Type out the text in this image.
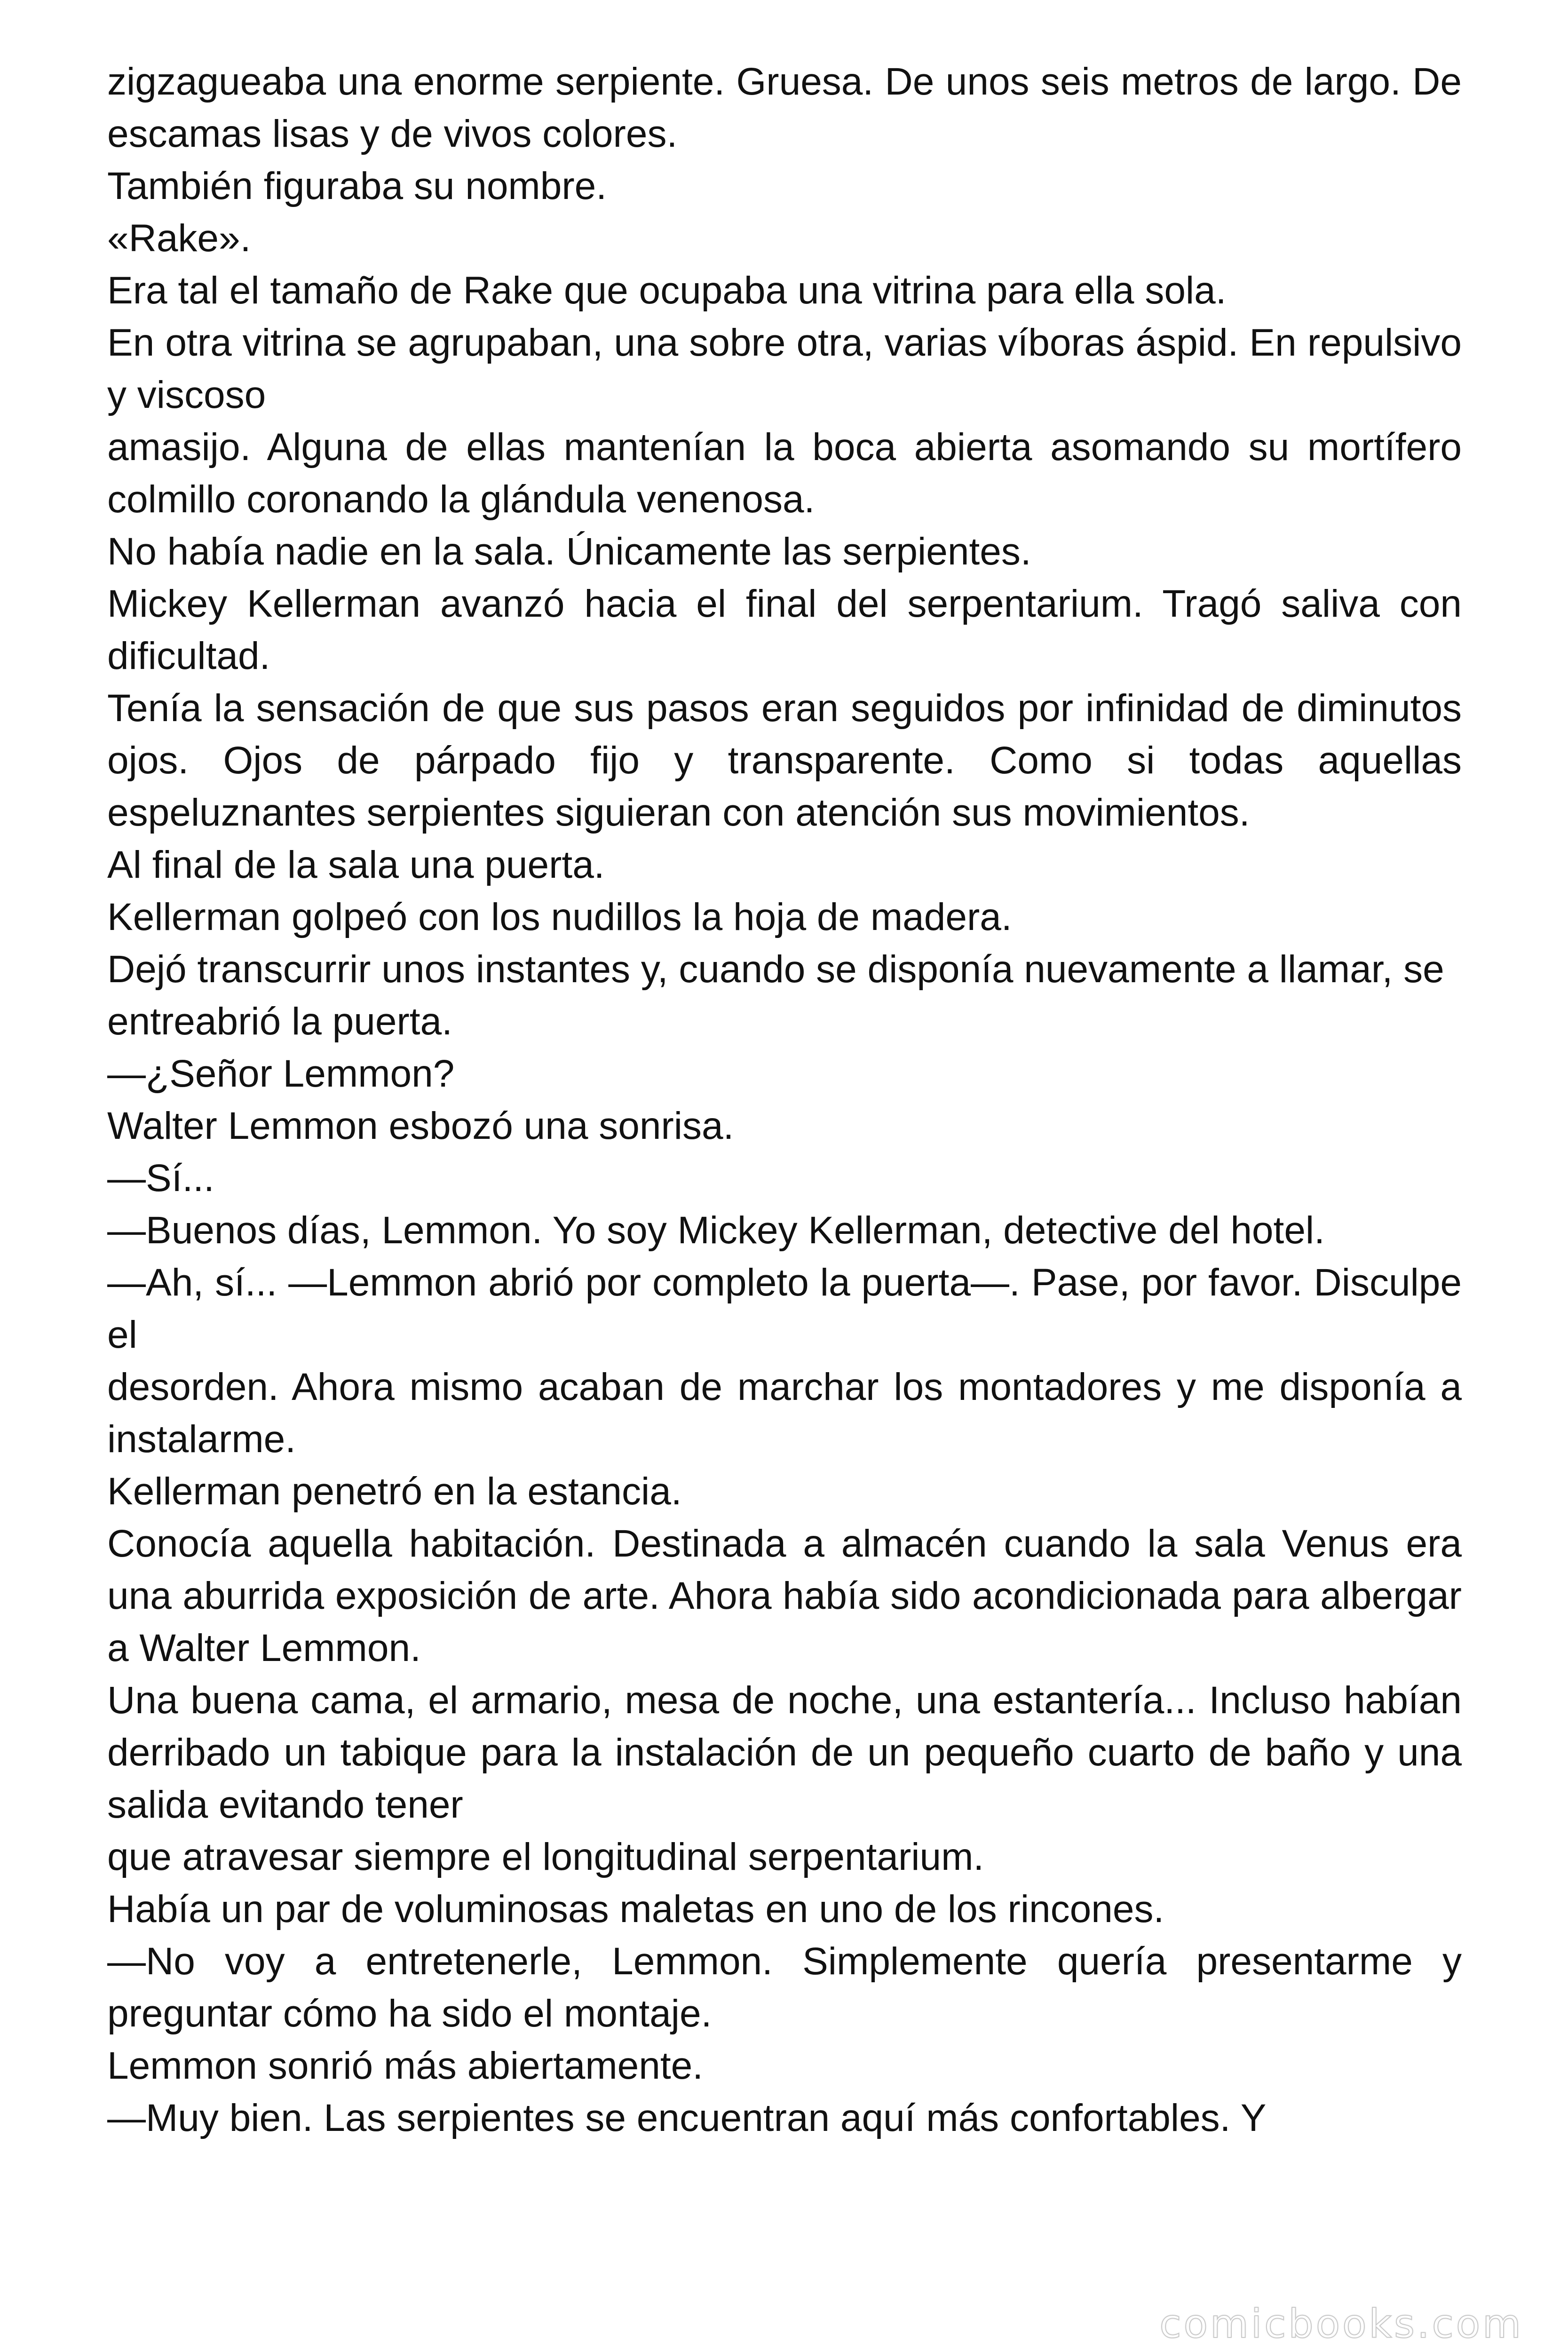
zigzagueaba una enorme serpiente. Gruesa. De unos seis metros de largo. De escamas lisas y de vivos colores.

También figuraba su nombre.

«Rake».

Era tal el tamaño de Rake que ocupaba una vitrina para ella sola.

En otra vitrina se agrupaban, una sobre otra, varias víboras áspid. En repulsivo y viscoso

amasijo. Alguna de ellas mantenían la boca abierta asomando su mortífero colmillo coronando la glándula venenosa.

No había nadie en la sala. Únicamente las serpientes.

Mickey Kellerman avanzó hacia el final del serpentarium. Tragó saliva con dificultad.

Tenía la sensación de que sus pasos eran seguidos por infinidad de diminutos ojos. Ojos de párpado fijo y transparente. Como si todas aquellas espeluznantes serpientes siguieran con atención sus movimientos.

Al final de la sala una puerta.

Kellerman golpeó con los nudillos la hoja de madera.

Dejó transcurrir unos instantes y, cuando se disponía nuevamente a llamar, se

entreabrió la puerta.

—¿Señor Lemmon?

Walter Lemmon esbozó una sonrisa.

—Sí...

—Buenos días, Lemmon. Yo soy Mickey Kellerman, detective del hotel.

—Ah, sí... —Lemmon abrió por completo la puerta—. Pase, por favor. Disculpe el

desorden. Ahora mismo acaban de marchar los montadores y me disponía a instalarme.

Kellerman penetró en la estancia.

Conocía aquella habitación. Destinada a almacén cuando la sala Venus era una aburrida exposición de arte. Ahora había sido acondicionada para albergar a Walter Lemmon.

Una buena cama, el armario, mesa de noche, una estantería... Incluso habían derribado un tabique para la instalación de un pequeño cuarto de baño y una salida evitando tener

que atravesar siempre el longitudinal serpentarium.

Había un par de voluminosas maletas en uno de los rincones.

—No voy a entretenerle, Lemmon. Simplemente quería presentarme y preguntar cómo ha sido el montaje.

Lemmon sonrió más abiertamente.

—Muy bien. Las serpientes se encuentran aquí más confortables. Y

comicbooks.com
